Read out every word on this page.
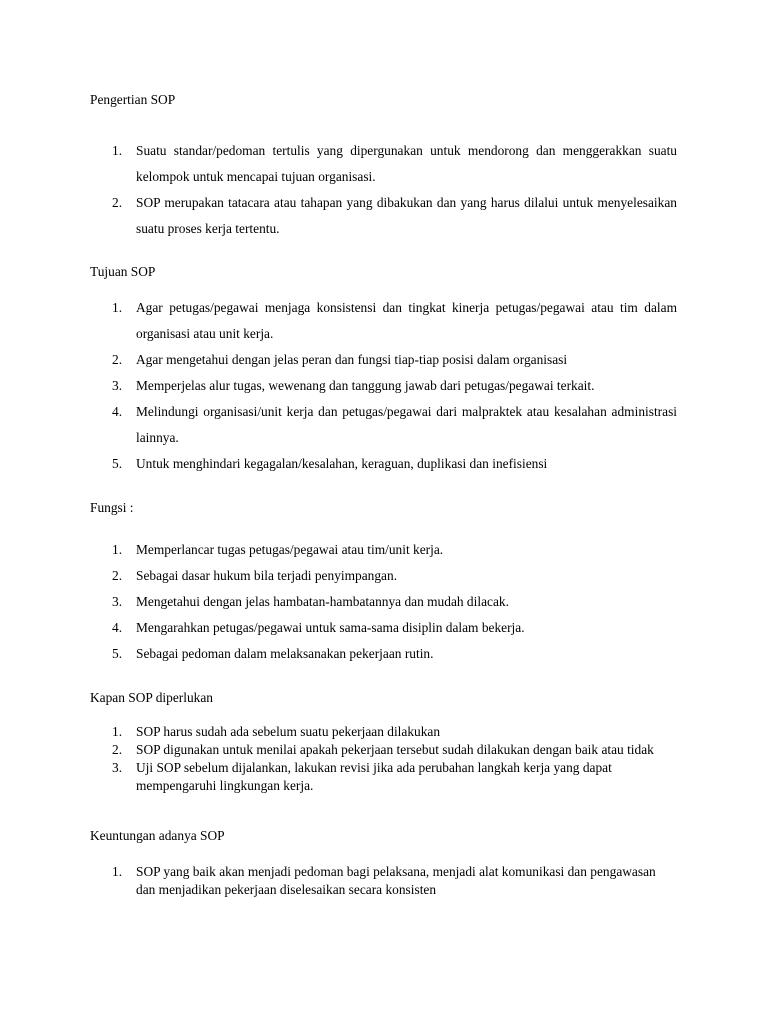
Pengertian SOP

1. Suatu standar/pedoman tertulis yang dipergunakan untuk mendorong dan menggerakkan suatu kelompok untuk mencapai tujuan organisasi.
2. SOP merupakan tatacara atau tahapan yang dibakukan dan yang harus dilalui untuk menyelesaikan suatu proses kerja tertentu.

Tujuan SOP

1. Agar petugas/pegawai menjaga konsistensi dan tingkat kinerja petugas/pegawai atau tim dalam organisasi atau unit kerja.
2. Agar mengetahui dengan jelas peran dan fungsi tiap-tiap posisi dalam organisasi
3. Memperjelas alur tugas, wewenang dan tanggung jawab dari petugas/pegawai terkait.
4. Melindungi organisasi/unit kerja dan petugas/pegawai dari malpraktek atau kesalahan administrasi lainnya.
5. Untuk menghindari kegagalan/kesalahan, keraguan, duplikasi dan inefisiensi

Fungsi :

1. Memperlancar tugas petugas/pegawai atau tim/unit kerja.
2. Sebagai dasar hukum bila terjadi penyimpangan.
3. Mengetahui dengan jelas hambatan-hambatannya dan mudah dilacak.
4. Mengarahkan petugas/pegawai untuk sama-sama disiplin dalam bekerja.
5. Sebagai pedoman dalam melaksanakan pekerjaan rutin.

Kapan SOP diperlukan

1. SOP harus sudah ada sebelum suatu pekerjaan dilakukan
2. SOP digunakan untuk menilai apakah pekerjaan tersebut sudah dilakukan dengan baik atau tidak
3. Uji SOP sebelum dijalankan, lakukan revisi jika ada perubahan langkah kerja yang dapat mempengaruhi lingkungan kerja.

Keuntungan adanya SOP

1. SOP yang baik akan menjadi pedoman bagi pelaksana, menjadi alat komunikasi dan pengawasan dan menjadikan pekerjaan diselesaikan secara konsisten
